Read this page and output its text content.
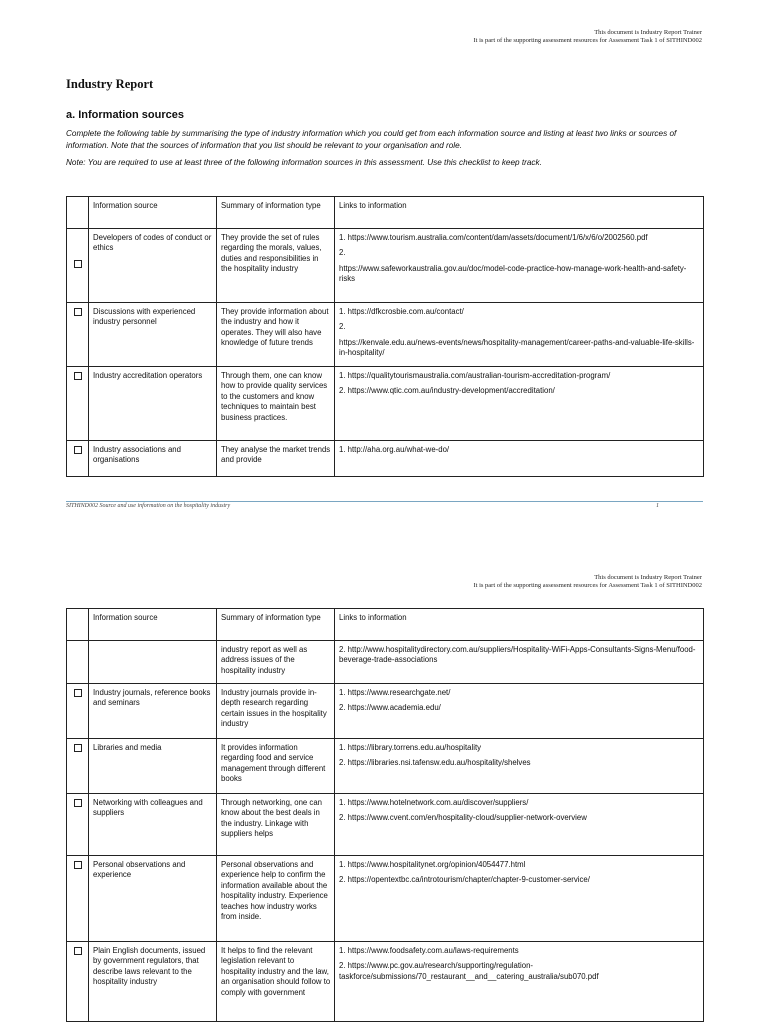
This document is Industry Report Trainer
It is part of the supporting assessment resources for Assessment Task 1 of SITHIND002
Industry Report
a. Information sources
Complete the following table by summarising the type of industry information which you could get from each information source and listing at least two links or sources of information. Note that the sources of information that you list should be relevant to your organisation and role.
Note: You are required to use at least three of the following information sources in this assessment. Use this checklist to keep track.
	Information source	Summary of information type	Links to information
	Developers of codes of conduct or ethics	They provide the set of rules regarding the morals, values, duties and responsibilities in the hospitality industry	1. https://www.tourism.australia.com/content/dam/assets/document/1/6/x/6/o/2002560.pdf

2.

https://www.safeworkaustralia.gov.au/doc/model-code-practice-how-manage-work-health-and-safety-risks

	Discussions with experienced industry personnel	They provide information about the industry and how it operates. They will also have knowledge of future trends	1. https://dfkcrosbie.com.au/contact/

2.

https://kenvale.edu.au/news-events/news/hospitality-management/career-paths-and-valuable-life-skills-in-hospitality/

	Industry accreditation operators	Through them, one can know how to provide quality services to the customers and know techniques to maintain best business practices.	1. https://qualitytourismaustralia.com/australian-tourism-accreditation-program/

2. https://www.qtic.com.au/industry-development/accreditation/

	Industry associations and organisations	They analyse the market trends and provide	1. http://aha.org.au/what-we-do/

SITHIND002 Source and use information on the hospitality industry	1
This document is Industry Report Trainer
It is part of the supporting assessment resources for Assessment Task 1 of SITHIND002
	Information source	Summary of information type	Links to information
		industry report as well as address issues of the hospitality industry	2. http://www.hospitalitydirectory.com.au/suppliers/Hospitality-WiFi-Apps-Consultants-Signs-Menu/food-beverage-trade-associations

	Industry journals, reference books and seminars	Industry journals provide in-depth research regarding certain issues in the hospitality industry	1. https://www.researchgate.net/

2. https://www.academia.edu/

	Libraries and media	It provides information regarding food and service management through different books	1. https://library.torrens.edu.au/hospitality

2. https://libraries.nsi.tafensw.edu.au/hospitality/shelves

	Networking with colleagues and suppliers	Through networking, one can know about the best deals in the industry. Linkage with suppliers helps	1. https://www.hotelnetwork.com.au/discover/suppliers/

2. https://www.cvent.com/en/hospitality-cloud/supplier-network-overview

	Personal observations and experience	Personal observations and experience help to confirm the information available about the hospitality industry. Experience teaches how industry works from inside.	1. https://www.hospitalitynet.org/opinion/4054477.html

2. https://opentextbc.ca/introtourism/chapter/chapter-9-customer-service/

	Plain English documents, issued by government regulators, that describe laws relevant to the hospitality industry	It helps to find the relevant legislation relevant to hospitality industry and the law, an organisation should follow to comply with government	1. https://www.foodsafety.com.au/laws-requirements

2. https://www.pc.gov.au/research/supporting/regulation-taskforce/submissions/70_restaurant__and__catering_australia/sub070.pdf
